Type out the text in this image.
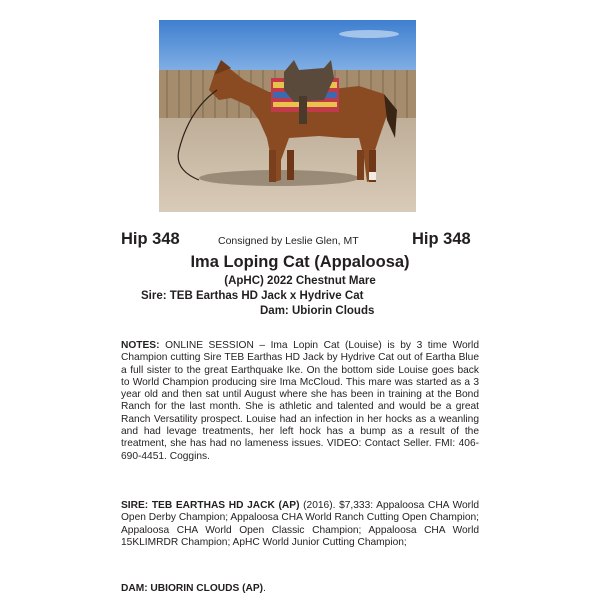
Hip 348	Consigned by Leslie Glen, MT	Hip 348
Ima Loping Cat (Appaloosa)
(ApHC) 2022 Chestnut Mare
Sire: TEB Earthas HD Jack x Hydrive Cat
Dam: Ubiorin Clouds
NOTES: ONLINE SESSION – Ima Lopin Cat (Louise) is by 3 time World Champion cutting Sire TEB Earthas HD Jack by Hydrive Cat out of Eartha Blue a full sister to the great Earthquake Ike. On the bottom side Louise goes back to World Champion producing sire Ima McCloud. This mare was started as a 3 year old and then sat until August where she has been in training at the Bond Ranch for the last month. She is athletic and talented and would be a great Ranch Versatility prospect. Louise had an infection in her hocks as a weanling and had levage treatments, her left hock has a bump as a result of the treatment, she has had no lameness issues. VIDEO: Contact Seller. FMI: 406-690-4451. Coggins.
SIRE: TEB EARTHAS HD JACK (AP) (2016). $7,333: Appaloosa CHA World Open Derby Champion; Appaloosa CHA World Ranch Cutting Open Champion; Appaloosa CHA World Open Classic Champion; Appaloosa CHA World 15KLIMRDR Champion; ApHC World Junior Cutting Champion;
DAM: UBIORIN CLOUDS (AP).
